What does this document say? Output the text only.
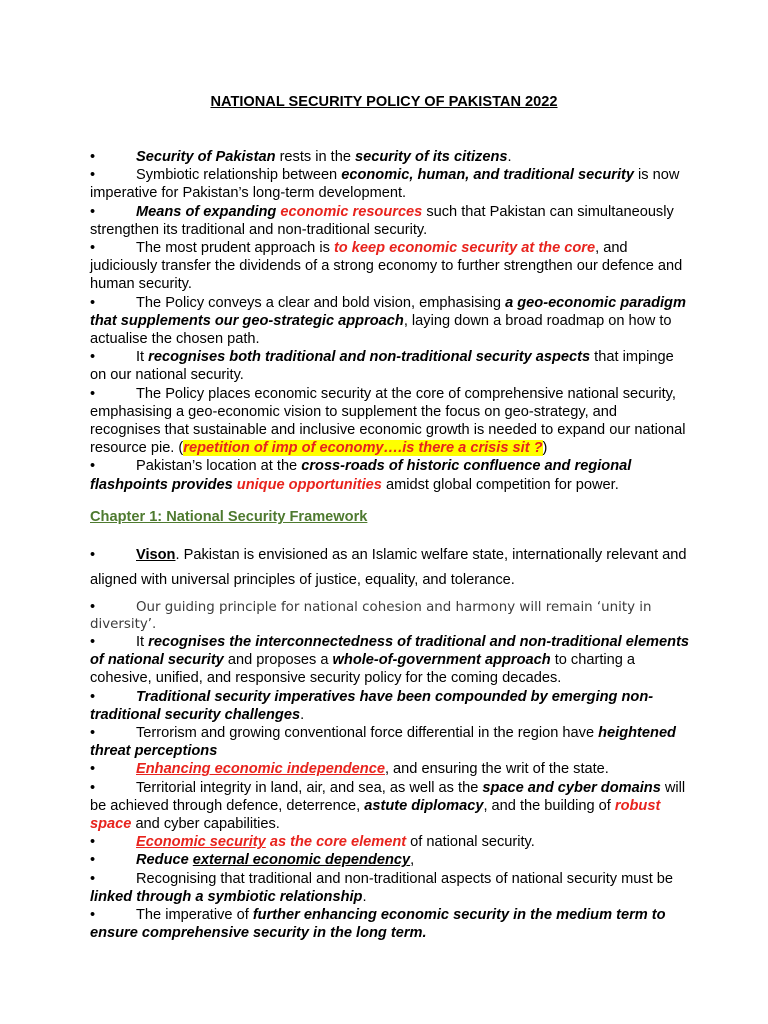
NATIONAL SECURITY POLICY OF PAKISTAN 2022

•	Security of Pakistan rests in the security of its citizens.

•	Symbiotic relationship between economic, human, and traditional security is now imperative for Pakistan’s long-term development.

•	Means of expanding economic resources such that Pakistan can simultaneously strengthen its traditional and non-traditional security.

•	The most prudent approach is to keep economic security at the core, and judiciously transfer the dividends of a strong economy to further strengthen our defence and human security.

•	The Policy conveys a clear and bold vision, emphasising a geo-economic paradigm that supplements our geo-strategic approach, laying down a broad roadmap on how to actualise the chosen path.

•	It recognises both traditional and non-traditional security aspects that impinge on our national security.

•	The Policy places economic security at the core of comprehensive national security, emphasising a geo-economic vision to supplement the focus on geo-strategy, and recognises that sustainable and inclusive economic growth is needed to expand our national resource pie. (repetition of imp of economy….is there a crisis sit ?)

•	Pakistan’s location at the cross-roads of historic confluence and regional flashpoints provides unique opportunities amidst global competition for power.

Chapter 1: National Security Framework

•	Vison. Pakistan is envisioned as an Islamic welfare state, internationally relevant and aligned with universal principles of justice, equality, and tolerance.

•	Our guiding principle for national cohesion and harmony will remain ‘unity in diversity’.

•	It recognises the interconnectedness of traditional and non-traditional elements of national security and proposes a whole-of-government approach to charting a cohesive, unified, and responsive security policy for the coming decades.

•	Traditional security imperatives have been compounded by emerging non-traditional security challenges.

•	Terrorism and growing conventional force differential in the region have heightened threat perceptions

•	Enhancing economic independence, and ensuring the writ of the state.

•	Territorial integrity in land, air, and sea, as well as the space and cyber domains will be achieved through defence, deterrence, astute diplomacy, and the building of robust space and cyber capabilities.

•	Economic security as the core element of national security.

•	Reduce external economic dependency,

•	Recognising that traditional and non-traditional aspects of national security must be linked through a symbiotic relationship.

•	The imperative of further enhancing economic security in the medium term to ensure comprehensive security in the long term.
